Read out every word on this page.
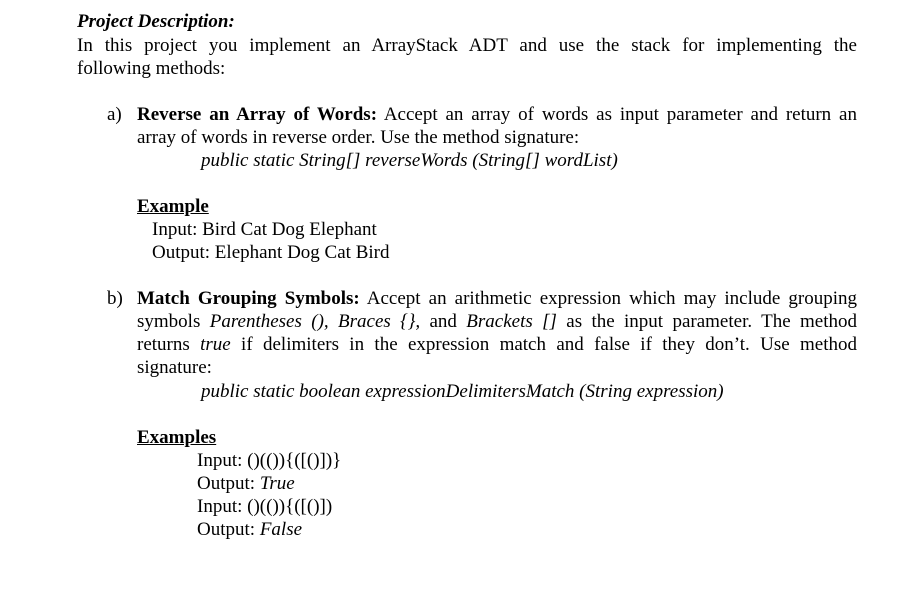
Project Description:
In this project you implement an ArrayStack ADT and use the stack for implementing the
following methods:
a) Reverse an Array of Words: Accept an array of words as input parameter and return an
array of words in reverse order. Use the method signature:
public static String[] reverseWords (String[] wordList)
Example
Input: Bird Cat Dog Elephant
Output: Elephant Dog Cat Bird
b) Match Grouping Symbols: Accept an arithmetic expression which may include grouping
symbols Parentheses (), Braces {}, and Brackets [] as the input parameter. The method
returns true if delimiters in the expression match and false if they don’t. Use method
signature:
public static boolean expressionDelimitersMatch (String expression)
Examples
Input: ()(()){([()])}
Output: True
Input: ()(()){([()])
Output: False
